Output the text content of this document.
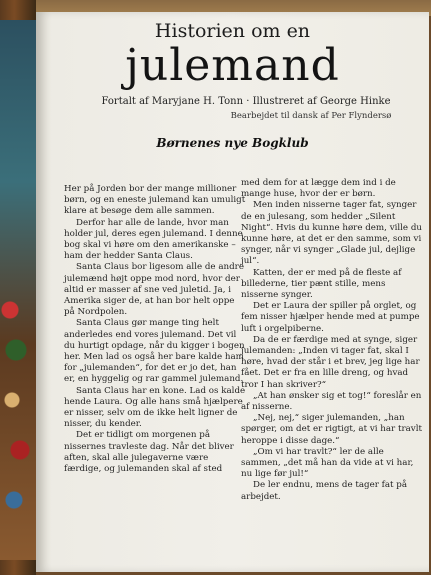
Historien om en
julemand
Fortalt af Maryjane H. Tonn · Illustreret af George Hinke
Bearbejdet til dansk af Per Flyndersø
Børnenes nye Bogklub

Her på Jorden bor der mange millioner børn, og en eneste julemand kan umuligt klare at besøge dem alle sammen.

Derfor har alle de lande, hvor man holder jul, deres egen julemand. I denne bog skal vi høre om den amerikanske – ham der hedder Santa Claus.

Santa Claus bor ligesom alle de andre julemænd højt oppe mod nord, hvor der altid er masser af sne ved juletid. Ja, i Amerika siger de, at han bor helt oppe på Nordpolen.

Santa Claus gør mange ting helt anderledes end vores julemand. Det vil du hurtigt opdage, når du kigger i bogen her. Men lad os også her bare kalde ham for „julemanden“, for det er jo det, han er, en hyggelig og rar gammel julemand.

Santa Claus har en kone. Lad os kalde hende Laura. Og alle hans små hjælpere er nisser, selv om de ikke helt ligner de nisser, du kender.

Det er tidligt om morgenen på nissernes travleste dag. Når det bliver aften, skal alle julegaverne være færdige, og julemanden skal af sted

med dem for at lægge dem ind i de mange huse, hvor der er børn.

Men inden nisserne tager fat, synger de en julesang, som hedder „Silent Night“. Hvis du kunne høre dem, ville du kunne høre, at det er den samme, som vi synger, når vi synger „Glade jul, dejlige jul“.

Katten, der er med på de fleste af billederne, tier pænt stille, mens nisserne synger.

Det er Laura der spiller på orglet, og fem nisser hjælper hende med at pumpe luft i orgelpiberne.

Da de er færdige med at synge, siger julemanden: „Inden vi tager fat, skal I høre, hvad der står i et brev, jeg lige har fået. Det er fra en lille dreng, og hvad tror I han skriver?“

„At han ønsker sig et tog!“ foreslår en af nisserne.

„Nej, nej,“ siger julemanden, „han spørger, om det er rigtigt, at vi har travlt heroppe i disse dage.“

„Om vi har travlt?“ ler de alle sammen, „det må han da vide at vi har, nu lige før jul!“

De ler endnu, mens de tager fat på arbejdet.
